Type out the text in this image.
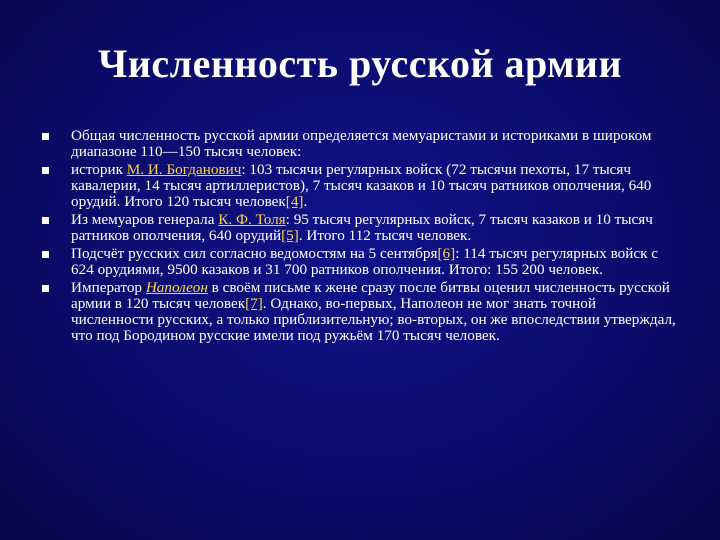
Численность русской армии
Общая численность русской армии определяется мемуаристами и историками в широком диапазоне 110—150 тысяч человек:
историк М. И. Богданович: 103 тысячи регулярных войск (72 тысячи пехоты, 17 тысяч кавалерии, 14 тысяч артиллеристов), 7 тысяч казаков и 10 тысяч ратников ополчения, 640 орудий. Итого 120 тысяч человек[4].
Из мемуаров генерала К. Ф. Толя: 95 тысяч регулярных войск, 7 тысяч казаков и 10 тысяч ратников ополчения, 640 орудий[5]. Итого 112 тысяч человек.
Подсчёт русских сил согласно ведомостям на 5 сентября[6]: 114 тысяч регулярных войск с 624 орудиями, 9500 казаков и 31 700 ратников ополчения. Итого: 155 200 человек.
Император Наполеон в своём письме к жене сразу после битвы оценил численность русской армии в 120 тысяч человек[7]. Однако, во-первых, Наполеон не мог знать точной численности русских, а только приблизительную; во-вторых, он же впоследствии утверждал, что под Бородином русские имели под ружьём 170 тысяч человек.
